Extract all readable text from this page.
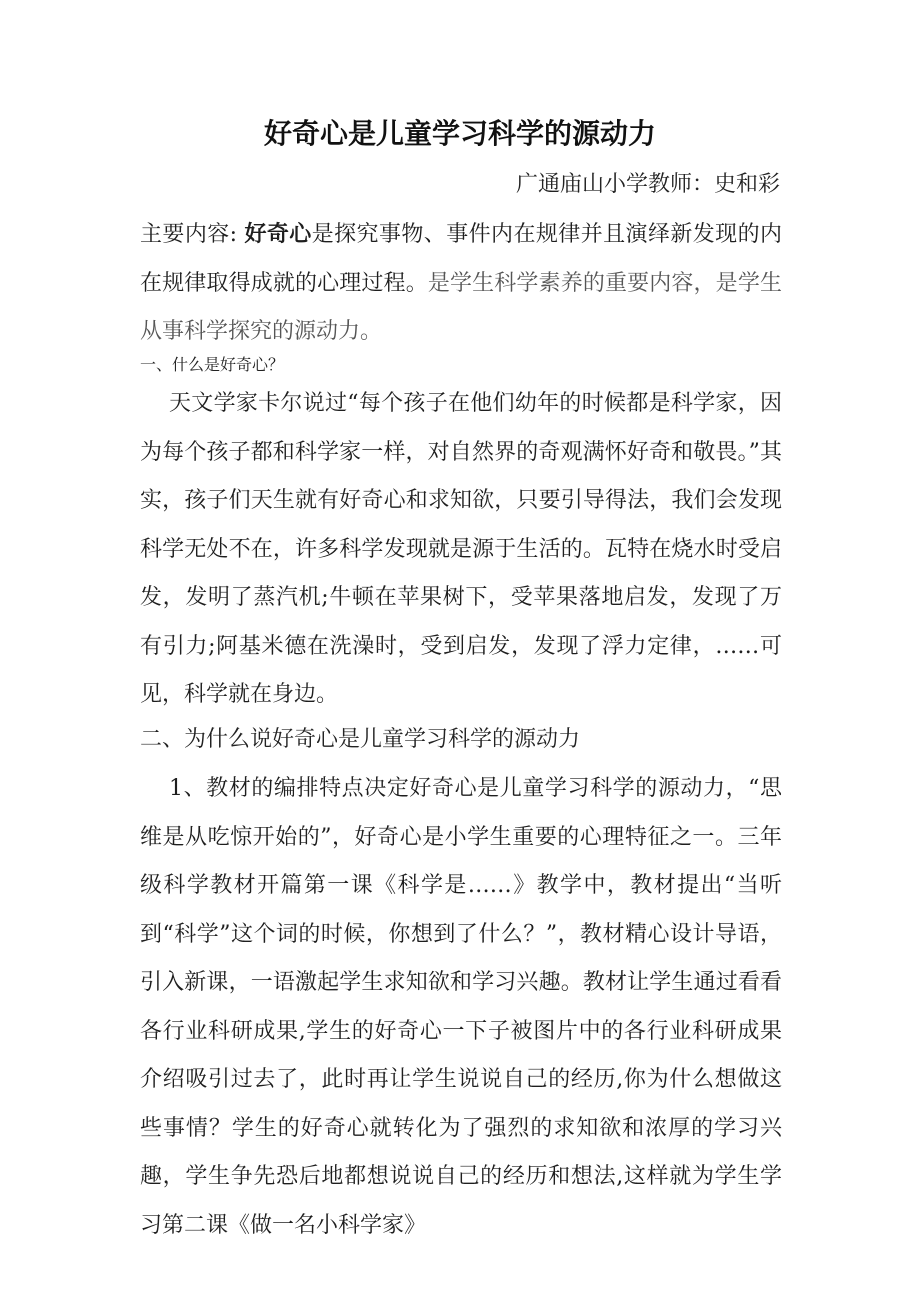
好奇心是儿童学习科学的源动力
广通庙山小学教师：史和彩
主要内容: 好奇心是探究事物、事件内在规律并且演绎新发现的内在规律取得成就的心理过程。是学生科学素养的重要内容，是学生从事科学探究的源动力。
一、什么是好奇心？
天文学家卡尔说过“每个孩子在他们幼年的时候都是科学家，因为每个孩子都和科学家一样，对自然界的奇观满怀好奇和敬畏。”其实，孩子们天生就有好奇心和求知欲，只要引导得法，我们会发现科学无处不在，许多科学发现就是源于生活的。瓦特在烧水时受启发，发明了蒸汽机;牛顿在苹果树下，受苹果落地启发，发现了万有引力;阿基米德在洗澡时，受到启发，发现了浮力定律，……可见，科学就在身边。
二、为什么说好奇心是儿童学习科学的源动力
1、教材的编排特点决定好奇心是儿童学习科学的源动力，“思维是从吃惊开始的”，好奇心是小学生重要的心理特征之一。三年级科学教材开篇第一课《科学是……》教学中，教材提出“当听到“科学”这个词的时候，你想到了什么？”，教材精心设计导语，引入新课，一语激起学生求知欲和学习兴趣。教材让学生通过看看各行业科研成果,学生的好奇心一下子被图片中的各行业科研成果介绍吸引过去了，此时再让学生说说自己的经历,你为什么想做这些事情？学生的好奇心就转化为了强烈的求知欲和浓厚的学习兴趣，学生争先恐后地都想说说自己的经历和想法,这样就为学生学习第二课《做一名小科学家》
